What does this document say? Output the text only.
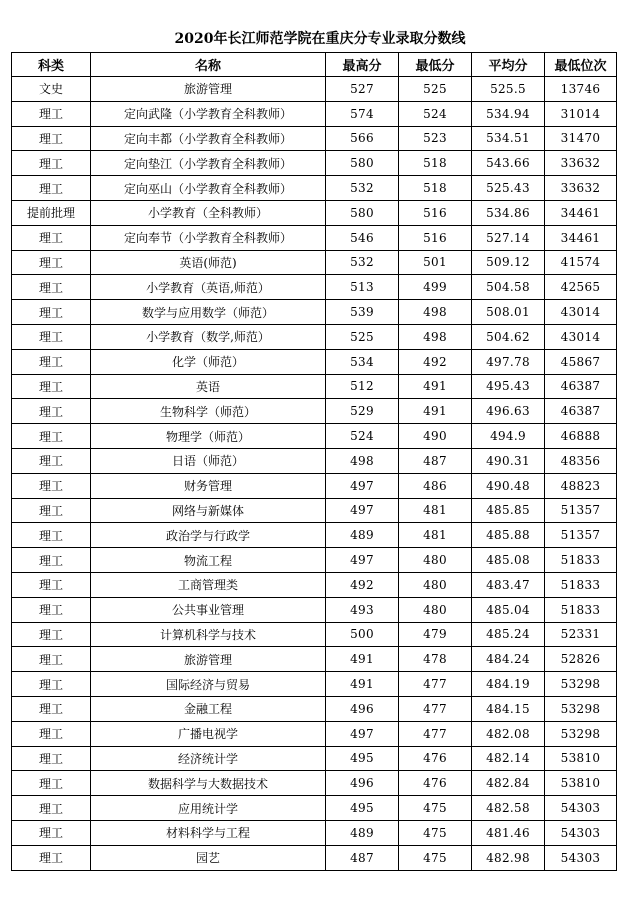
2020年长江师范学院在重庆分专业录取分数线
科类	名称	最高分	最低分	平均分	最低位次
文史	旅游管理	527	525	525.5	13746
理工	定向武隆（小学教育全科教师）	574	524	534.94	31014
理工	定向丰都（小学教育全科教师）	566	523	534.51	31470
理工	定向垫江（小学教育全科教师）	580	518	543.66	33632
理工	定向巫山（小学教育全科教师）	532	518	525.43	33632
提前批理	小学教育（全科教师）	580	516	534.86	34461
理工	定向奉节（小学教育全科教师）	546	516	527.14	34461
理工	英语(师范)	532	501	509.12	41574
理工	小学教育（英语,师范）	513	499	504.58	42565
理工	数学与应用数学（师范）	539	498	508.01	43014
理工	小学教育（数学,师范）	525	498	504.62	43014
理工	化学（师范）	534	492	497.78	45867
理工	英语	512	491	495.43	46387
理工	生物科学（师范）	529	491	496.63	46387
理工	物理学（师范）	524	490	494.9	46888
理工	日语（师范）	498	487	490.31	48356
理工	财务管理	497	486	490.48	48823
理工	网络与新媒体	497	481	485.85	51357
理工	政治学与行政学	489	481	485.88	51357
理工	物流工程	497	480	485.08	51833
理工	工商管理类	492	480	483.47	51833
理工	公共事业管理	493	480	485.04	51833
理工	计算机科学与技术	500	479	485.24	52331
理工	旅游管理	491	478	484.24	52826
理工	国际经济与贸易	491	477	484.19	53298
理工	金融工程	496	477	484.15	53298
理工	广播电视学	497	477	482.08	53298
理工	经济统计学	495	476	482.14	53810
理工	数据科学与大数据技术	496	476	482.84	53810
理工	应用统计学	495	475	482.58	54303
理工	材料科学与工程	489	475	481.46	54303
理工	园艺	487	475	482.98	54303
